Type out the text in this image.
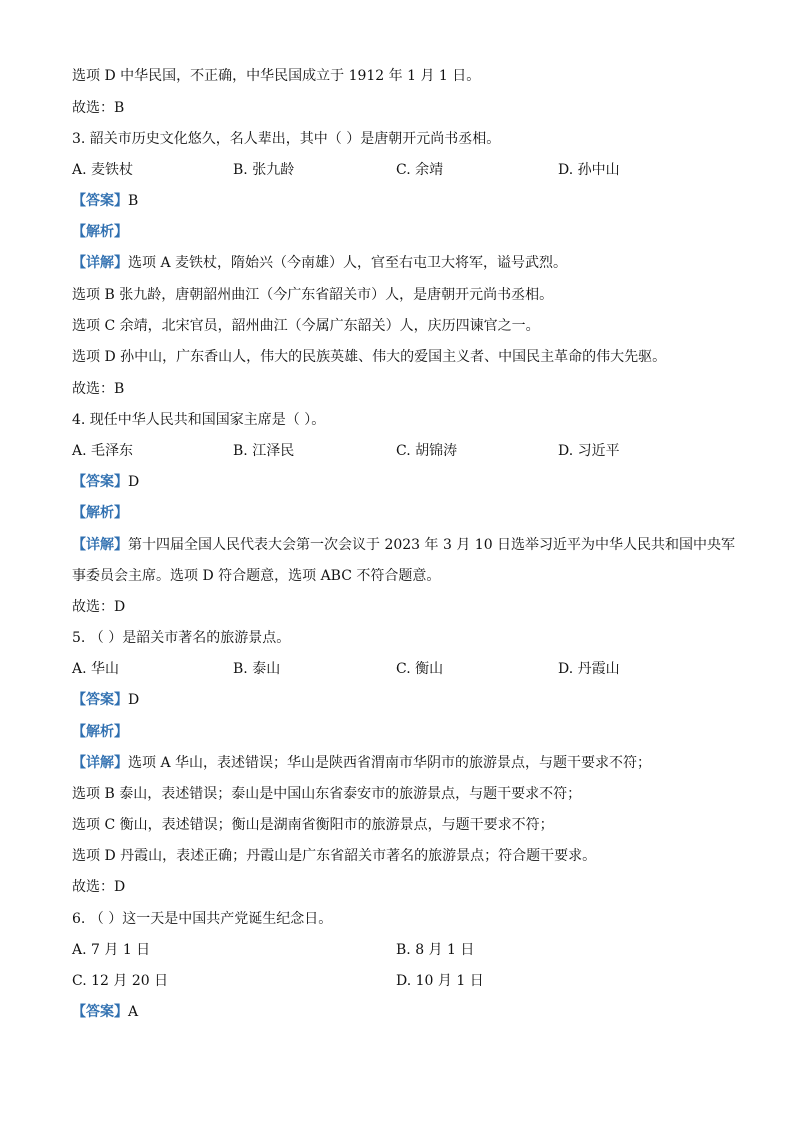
选项 D 中华民国，不正确，中华民国成立于 1912 年 1 月 1 日。
故选：B
3. 韶关市历史文化悠久，名人辈出，其中（ ）是唐朝开元尚书丞相。
A. 麦铁杖	B. 张九龄	C. 余靖	D. 孙中山
【答案】B
【解析】
【详解】选项 A 麦铁杖，隋始兴（今南雄）人，官至右屯卫大将军，谥号武烈。
选项 B 张九龄，唐朝韶州曲江（今广东省韶关市）人，是唐朝开元尚书丞相。
选项 C 余靖，北宋官员，韶州曲江（今属广东韶关）人，庆历四谏官之一。
选项 D 孙中山，广东香山人，伟大的民族英雄、伟大的爱国主义者、中国民主革命的伟大先驱。
故选：B
4. 现任中华人民共和国国家主席是（ ）。
A. 毛泽东	B. 江泽民	C. 胡锦涛	D. 习近平
【答案】D
【解析】
【详解】第十四届全国人民代表大会第一次会议于 2023 年 3 月 10 日选举习近平为中华人民共和国中央军
事委员会主席。选项 D 符合题意，选项 ABC 不符合题意。
故选：D
5. （ ）是韶关市著名的旅游景点。
A. 华山	B. 泰山	C. 衡山	D. 丹霞山
【答案】D
【解析】
【详解】选项 A 华山，表述错误；华山是陕西省渭南市华阴市的旅游景点，与题干要求不符；
选项 B 泰山，表述错误；泰山是中国山东省泰安市的旅游景点，与题干要求不符；
选项 C 衡山，表述错误；衡山是湖南省衡阳市的旅游景点，与题干要求不符；
选项 D 丹霞山，表述正确；丹霞山是广东省韶关市著名的旅游景点；符合题干要求。
故选：D
6. （ ）这一天是中国共产党诞生纪念日。
A. 7 月 1 日	B. 8 月 1 日
C. 12 月 20 日	D. 10 月 1 日
【答案】A
